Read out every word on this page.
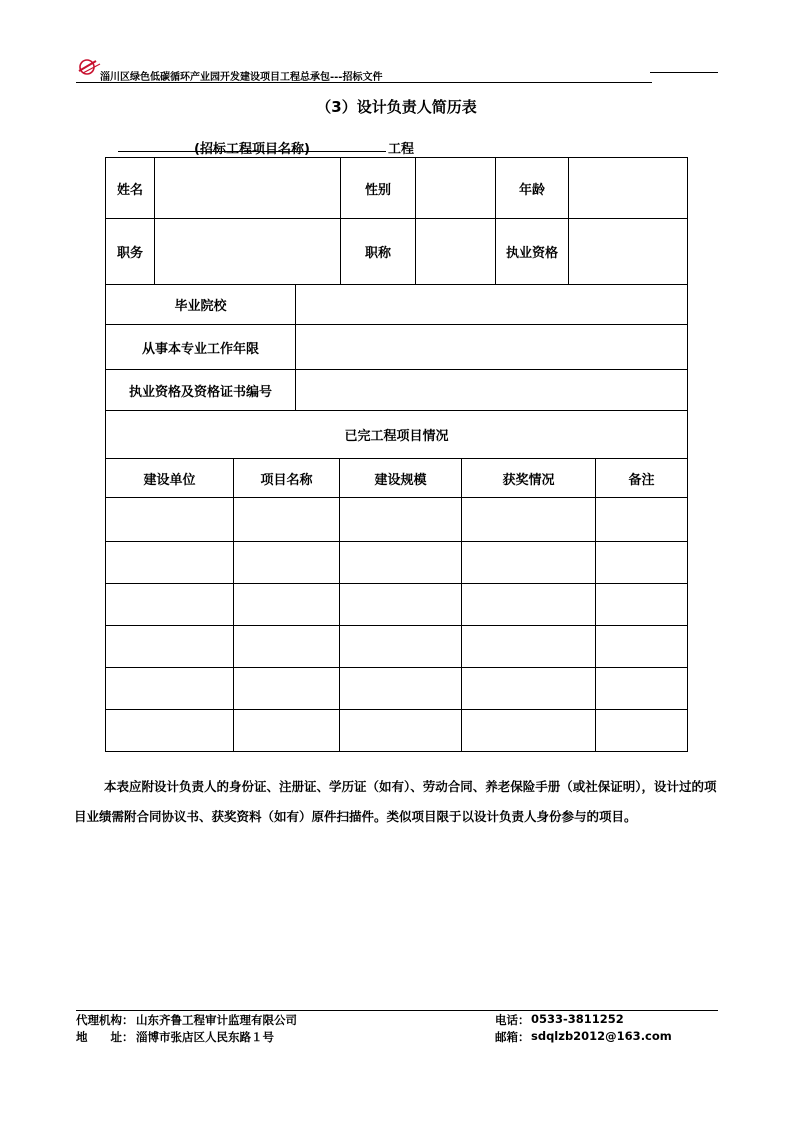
淄川区绿色低碳循环产业园开发建设项目工程总承包---招标文件
（3）设计负责人简历表
(招标工程项目名称)	工程
姓名	性别	年龄
职务	职称	执业资格
毕业院校
从事本专业工作年限
执业资格及资格证书编号
已完工程项目情况
建设单位	项目名称	建设规模	获奖情况	备注
本表应附设计负责人的身份证、注册证、学历证（如有）、劳动合同、养老保险手册（或社保证明），设计过的项目业绩需附合同协议书、获奖资料（如有）原件扫描件。类似项目限于以设计负责人身份参与的项目。
代理机构： 山东齐鲁工程审计监理有限公司
地　　址： 淄博市张店区人民东路１号
电话： 0533-3811252
邮箱： sdqlzb2012@163.com
